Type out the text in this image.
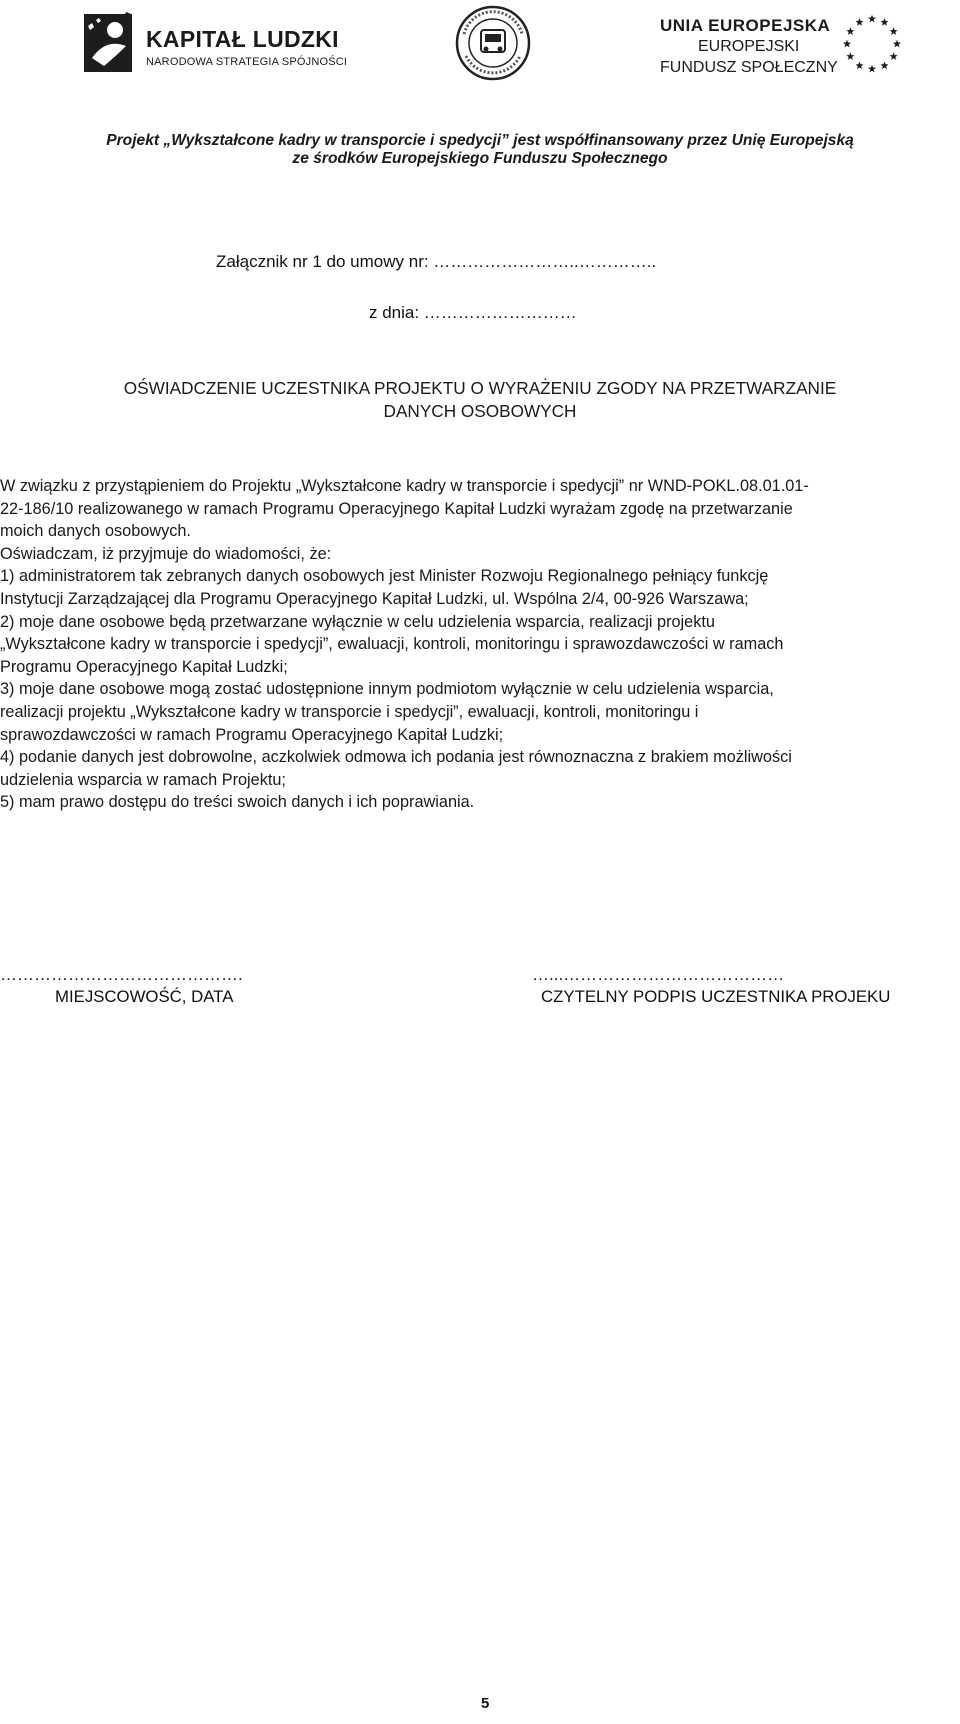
KAPITAŁ LUDZKI
NARODOWA STRATEGIA SPÓJNOŚCI
UNIA EUROPEJSKA
EUROPEJSKI
FUNDUSZ SPOŁECZNY
Projekt „Wykształcone kadry w transporcie i spedycji” jest współfinansowany przez Unię Europejską
ze środków Europejskiego Funduszu Społecznego
Załącznik nr 1 do umowy nr: ……………………..…………..
z dnia: ………………………
OŚWIADCZENIE UCZESTNIKA PROJEKTU O WYRAŻENIU ZGODY NA PRZETWARZANIE
DANYCH OSOBOWYCH
W związku z przystąpieniem do Projektu „Wykształcone kadry w transporcie i spedycji” nr WND-POKL.08.01.01-
22-186/10 realizowanego w ramach Programu Operacyjnego Kapitał Ludzki wyrażam zgodę na przetwarzanie
moich danych osobowych.
Oświadczam, iż przyjmuje do wiadomości, że:
1) administratorem tak zebranych danych osobowych jest Minister Rozwoju Regionalnego pełniący funkcję
Instytucji Zarządzającej dla Programu Operacyjnego Kapitał Ludzki, ul. Wspólna 2/4, 00-926 Warszawa;
2) moje dane osobowe będą przetwarzane wyłącznie w celu udzielenia wsparcia, realizacji projektu
„Wykształcone kadry w transporcie i spedycji”, ewaluacji, kontroli, monitoringu i sprawozdawczości w ramach
Programu Operacyjnego Kapitał Ludzki;
3) moje dane osobowe mogą zostać udostępnione innym podmiotom wyłącznie w celu udzielenia wsparcia,
realizacji projektu „Wykształcone kadry w transporcie i spedycji”, ewaluacji, kontroli, monitoringu i
sprawozdawczości w ramach Programu Operacyjnego Kapitał Ludzki;
4) podanie danych jest dobrowolne, aczkolwiek odmowa ich podania jest równoznaczna z brakiem możliwości
udzielenia wsparcia w ramach Projektu;
5) mam prawo dostępu do treści swoich danych i ich poprawiania.
…………………………………….	…...…………………………………
MIEJSCOWOŚĆ, DATA	CZYTELNY PODPIS UCZESTNIKA PROJEKU
5
